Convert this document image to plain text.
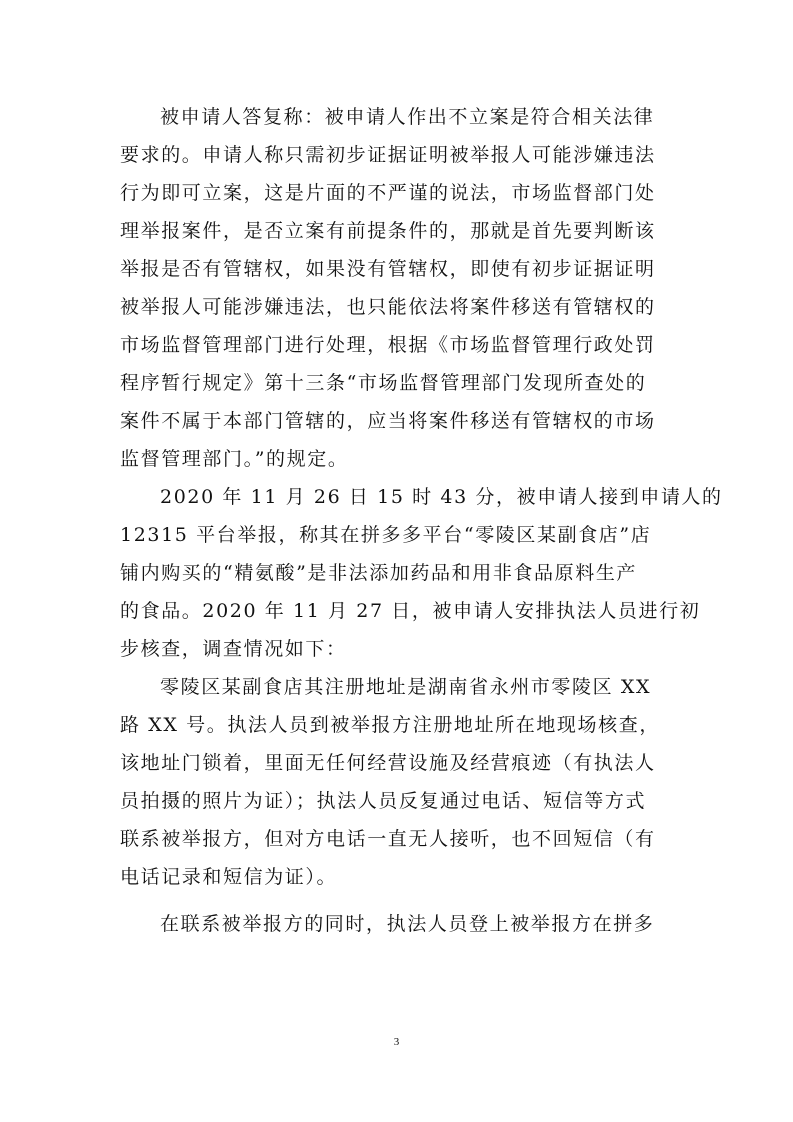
被申请人答复称：被申请人作出不立案是符合相关法律
要求的。申请人称只需初步证据证明被举报人可能涉嫌违法
行为即可立案，这是片面的不严谨的说法，市场监督部门处
理举报案件，是否立案有前提条件的，那就是首先要判断该
举报是否有管辖权，如果没有管辖权，即使有初步证据证明
被举报人可能涉嫌违法，也只能依法将案件移送有管辖权的
市场监督管理部门进行处理，根据《市场监督管理行政处罚
程序暂行规定》第十三条“市场监督管理部门发现所查处的
案件不属于本部门管辖的，应当将案件移送有管辖权的市场
监督管理部门。”的规定。
2020 年 11 月 26 日 15 时 43 分，被申请人接到申请人的
12315 平台举报，称其在拼多多平台“零陵区某副食店”店
铺内购买的“精氨酸”是非法添加药品和用非食品原料生产
的食品。2020 年 11 月 27 日，被申请人安排执法人员进行初
步核查，调查情况如下：
零陵区某副食店其注册地址是湖南省永州市零陵区 XX
路 XX 号。执法人员到被举报方注册地址所在地现场核查，
该地址门锁着，里面无任何经营设施及经营痕迹（有执法人
员拍摄的照片为证）；执法人员反复通过电话、短信等方式
联系被举报方，但对方电话一直无人接听，也不回短信（有
电话记录和短信为证）。
在联系被举报方的同时，执法人员登上被举报方在拼多
3
